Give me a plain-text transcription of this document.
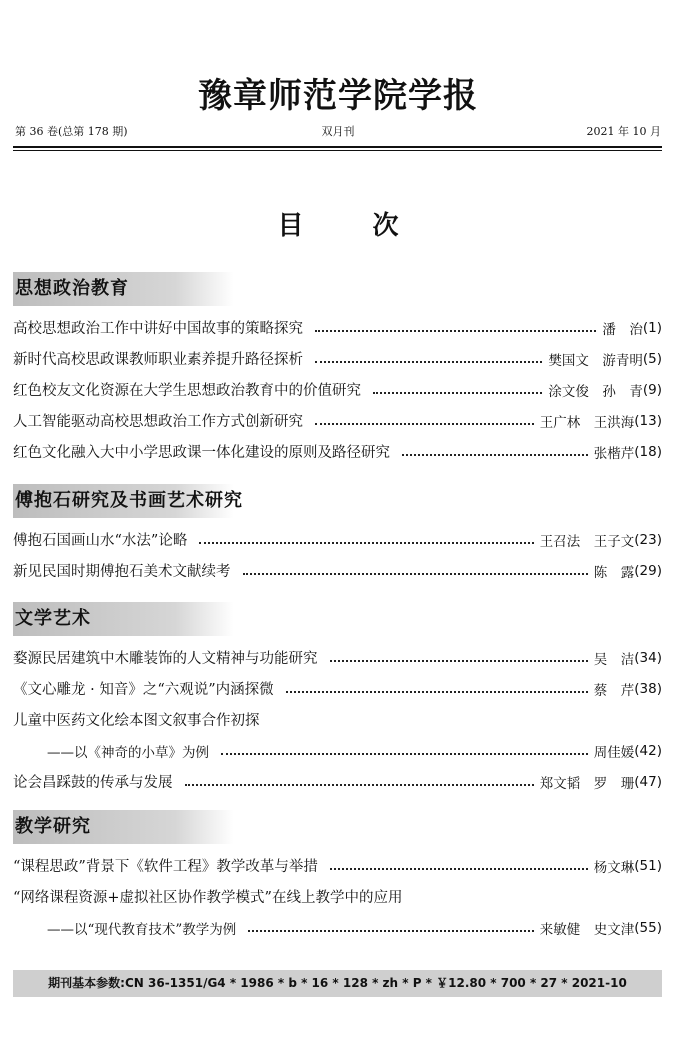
豫章师范学院学报
双月刊
第 36 卷(总第 178 期)	2021 年 10 月
目 次
思想政治教育
高校思想政治工作中讲好中国故事的策略探究	潘　治 (1)
新时代高校思政课教师职业素养提升路径探析	樊国文　游青明 (5)
红色校友文化资源在大学生思想政治教育中的价值研究	涂文俊　孙　青 (9)
人工智能驱动高校思想政治工作方式创新研究	王广林　王洪海 (13)
红色文化融入大中小学思政课一体化建设的原则及路径研究	张楷芹 (18)
傅抱石研究及书画艺术研究
傅抱石国画山水“水法”论略	王召法　王子文 (23)
新见民国时期傅抱石美术文献续考	陈　露 (29)
文学艺术
婺源民居建筑中木雕装饰的人文精神与功能研究	吴　洁 (34)
《文心雕龙 · 知音》之“六观说”内涵探微	蔡　芹 (38)
儿童中医药文化绘本图文叙事合作初探
——以《神奇的小草》为例	周佳媛 (42)
论会昌踩鼓的传承与发展	郑文韬　罗　珊 (47)
教学研究
“课程思政”背景下《软件工程》教学改革与举措	杨文琳 (51)
“网络课程资源+虚拟社区协作教学模式”在线上教学中的应用
——以“现代教育技术”教学为例	来敏健　史文津 (55)
期刊基本参数:CN 36-1351/G4 * 1986 * b * 16 * 128 * zh * P * ￥12.80 * 700 * 27 * 2021-10
